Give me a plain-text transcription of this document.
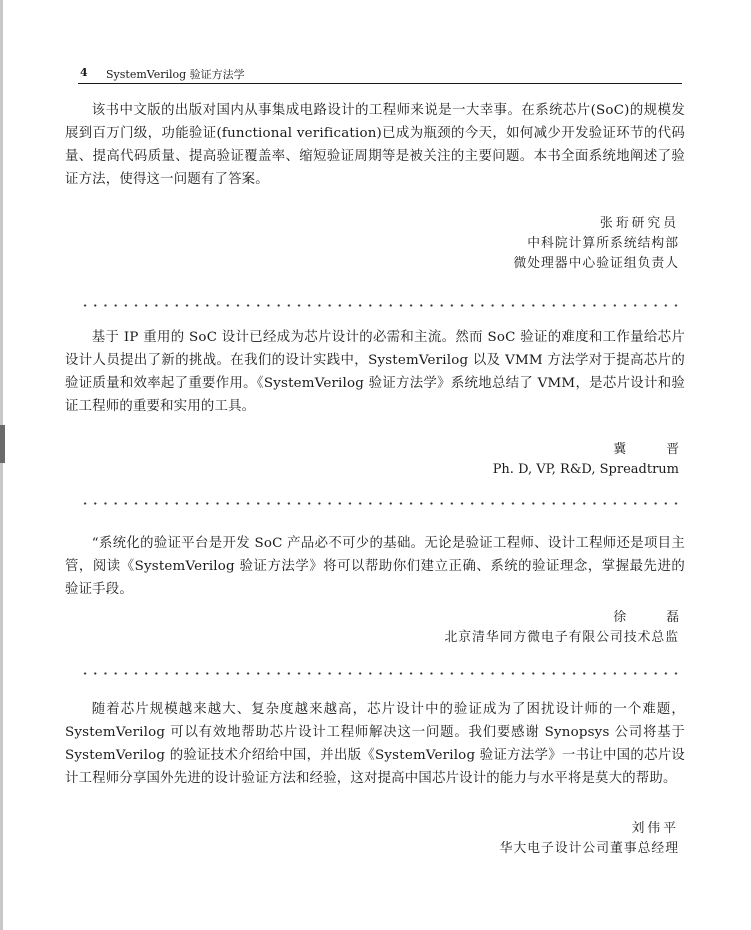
4 SystemVerilog 验证方法学

该书中文版的出版对国内从事集成电路设计的工程师来说是一大幸事。在系统芯片(SoC)的规模发展到百万门级，功能验证(functional verification)已成为瓶颈的今天，如何减少开发验证环节的代码量、提高代码质量、提高验证覆盖率、缩短验证周期等是被关注的主要问题。本书全面系统地阐述了验证方法，使得这一问题有了答案。

张珩研究员
中科院计算所系统结构部
微处理器中心验证组负责人

基于 IP 重用的 SoC 设计已经成为芯片设计的必需和主流。然而 SoC 验证的难度和工作量给芯片设计人员提出了新的挑战。在我们的设计实践中，SystemVerilog 以及 VMM 方法学对于提高芯片的验证质量和效率起了重要作用。《SystemVerilog 验证方法学》系统地总结了 VMM，是芯片设计和验证工程师的重要和实用的工具。

冀 晋
Ph. D, VP, R&D, Spreadtrum

“系统化的验证平台是开发 SoC 产品必不可少的基础。无论是验证工程师、设计工程师还是项目主管，阅读《SystemVerilog 验证方法学》将可以帮助你们建立正确、系统的验证理念，掌握最先进的验证手段。

徐 磊
北京清华同方微电子有限公司技术总监

随着芯片规模越来越大、复杂度越来越高，芯片设计中的验证成为了困扰设计师的一个难题，SystemVerilog 可以有效地帮助芯片设计工程师解决这一问题。我们要感谢 Synopsys 公司将基于 SystemVerilog 的验证技术介绍给中国，并出版《SystemVerilog 验证方法学》一书让中国的芯片设计工程师分享国外先进的设计验证方法和经验，这对提高中国芯片设计的能力与水平将是莫大的帮助。

刘伟平
华大电子设计公司董事总经理
